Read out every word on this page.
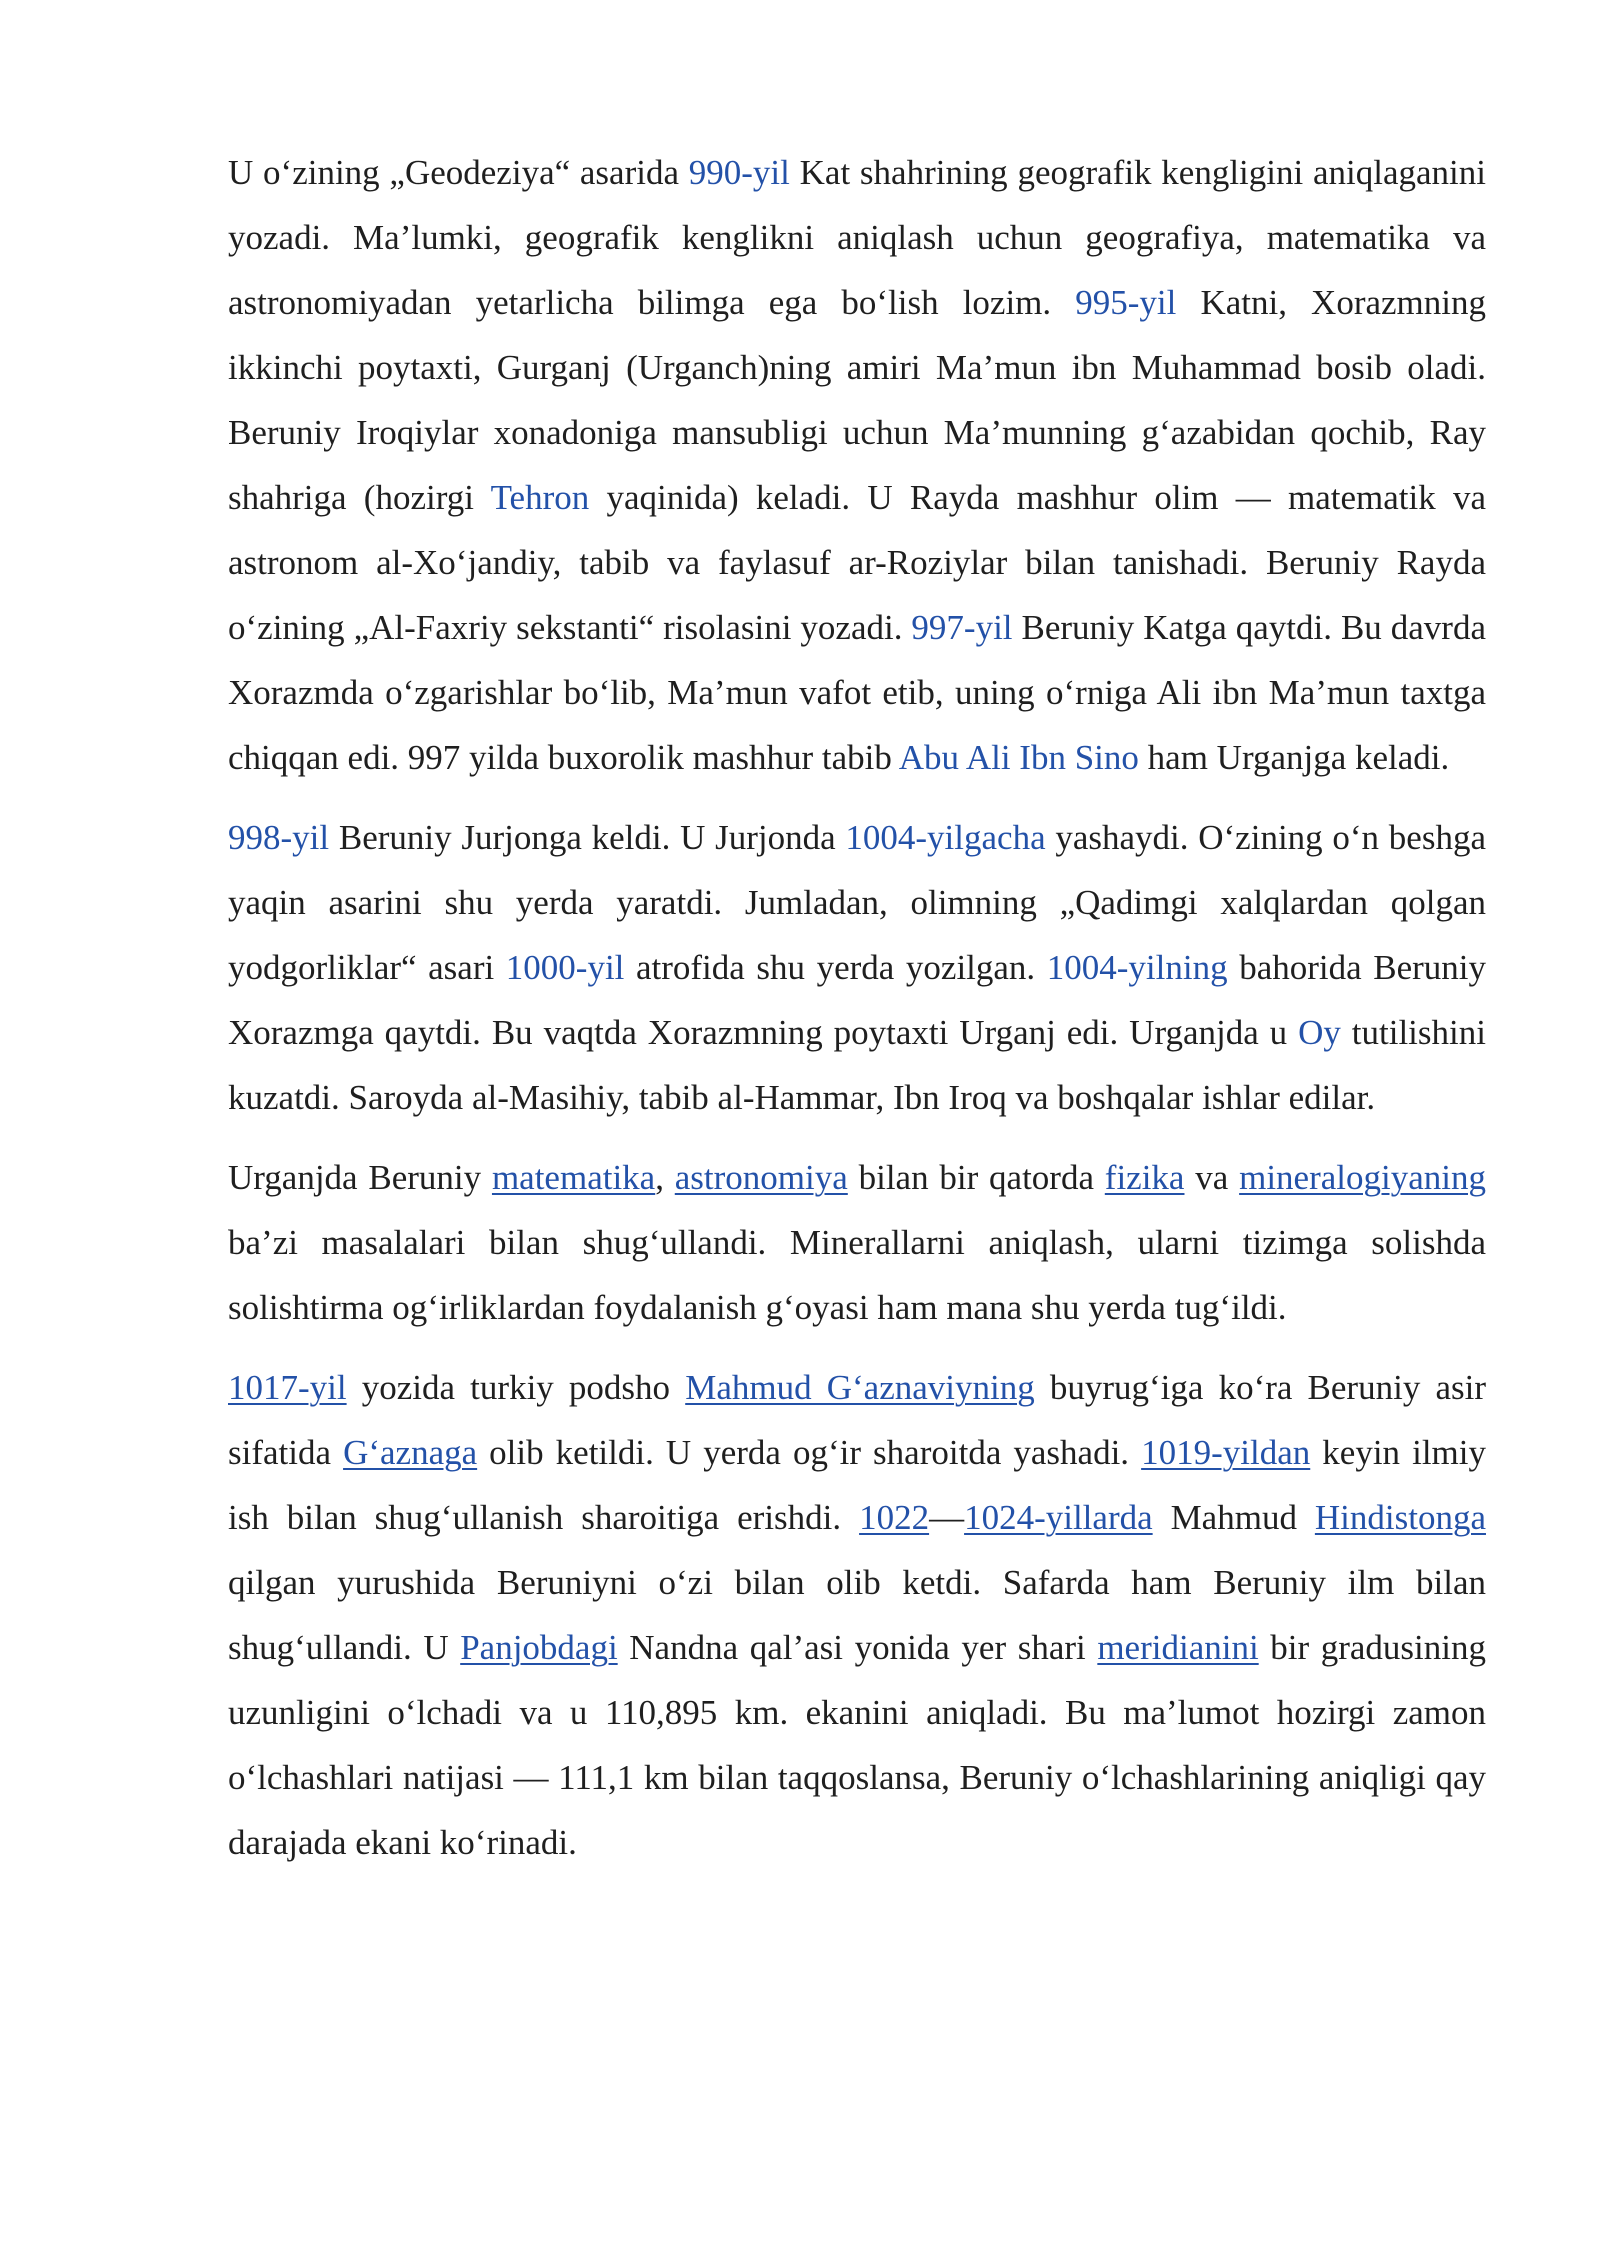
U o‘zining „Geodeziya“ asarida 990-yil Kat shahrining geografik kengligini aniqlaganini yozadi. Ma’lumki, geografik kenglikni aniqlash uchun geografiya, matematika va astronomiyadan yetarlicha bilimga ega bo‘lish lozim. 995-yil Katni, Xorazmning ikkinchi poytaxti, Gurganj (Urganch)ning amiri Ma’mun ibn Muhammad bosib oladi. Beruniy Iroqiylar xonadoniga mansubligi uchun Ma’munning g‘azabidan qochib, Ray shahriga (hozirgi Tehron yaqinida) keladi. U Rayda mashhur olim — matematik va astronom al-Xo‘jandiy, tabib va faylasuf ar-Roziylar bilan tanishadi. Beruniy Rayda o‘zining „Al-Faxriy sekstanti“ risolasini yozadi. 997-yil Beruniy Katga qaytdi. Bu davrda Xorazmda o‘zgarishlar bo‘lib, Ma’mun vafot etib, uning o‘rniga Ali ibn Ma’mun taxtga chiqqan edi. 997 yilda buxorolik mashhur tabib Abu Ali Ibn Sino ham Urganjga keladi.

998-yil Beruniy Jurjonga keldi. U Jurjonda 1004-yilgacha yashaydi. O‘zining o‘n beshga yaqin asarini shu yerda yaratdi. Jumladan, olimning „Qadimgi xalqlardan qolgan yodgorliklar“ asari 1000-yil atrofida shu yerda yozilgan. 1004-yilning bahorida Beruniy Xorazmga qaytdi. Bu vaqtda Xorazmning poytaxti Urganj edi. Urganjda u Oy tutilishini kuzatdi. Saroyda al-Masihiy, tabib al-Hammar, Ibn Iroq va boshqalar ishlar edilar.

Urganjda Beruniy matematika, astronomiya bilan bir qatorda fizika va mineralogiyaning ba’zi masalalari bilan shug‘ullandi. Minerallarni aniqlash, ularni tizimga solishda solishtirma og‘irliklardan foydalanish g‘oyasi ham mana shu yerda tug‘ildi.

1017-yil yozida turkiy podsho Mahmud G‘aznaviyning buyrug‘iga ko‘ra Beruniy asir sifatida G‘aznaga olib ketildi. U yerda og‘ir sharoitda yashadi. 1019-yildan keyin ilmiy ish bilan shug‘ullanish sharoitiga erishdi. 1022—1024-yillarda Mahmud Hindistonga qilgan yurushida Beruniyni o‘zi bilan olib ketdi. Safarda ham Beruniy ilm bilan shug‘ullandi. U Panjobdagi Nandna qal’asi yonida yer shari meridianini bir gradusining uzunligini o‘lchadi va u 110,895 km. ekanini aniqladi. Bu ma’lumot hozirgi zamon o‘lchashlari natijasi — 111,1 km bilan taqqoslansa, Beruniy o‘lchashlarining aniqligi qay darajada ekani ko‘rinadi.
